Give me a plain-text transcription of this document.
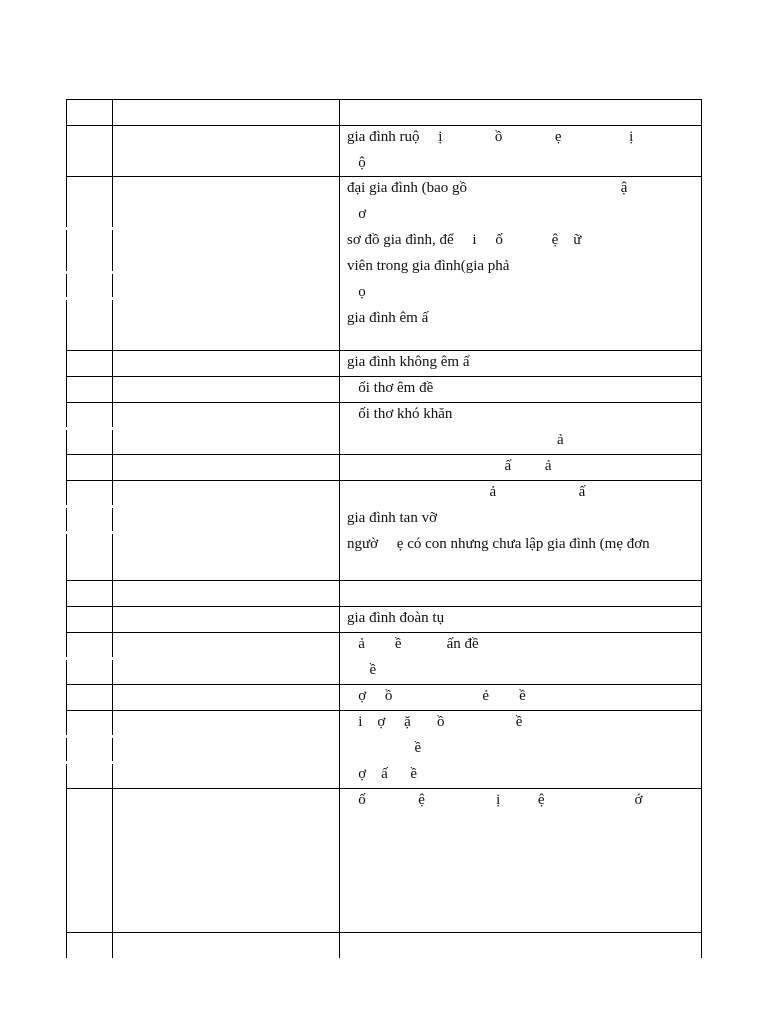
gia đình ruộ     ị              ồ              ẹ                  ị
ộ
đại gia đình (bao gồ                                         ậ
ơ
sơ đồ gia đình, để     i     ố             ệ    ữ
viên trong gia đình(gia phả
ọ
gia đình êm ấ
gia đình không êm ấ
ối thơ êm đề
ối thơ khó khăn
ả
ấ         ả
ả                      ấ
gia đình tan vỡ
ngườ     ẹ có con nhưng chưa lập gia đình (mẹ đơn
gia đình đoàn tụ
ả        ề            ấn đề
ề
ợ     ồ                        ẻ        ề
i    ợ     ặ       ồ                   ề
ề
ợ    ấ      ề
ố              ệ                   ị          ệ                        ớ
